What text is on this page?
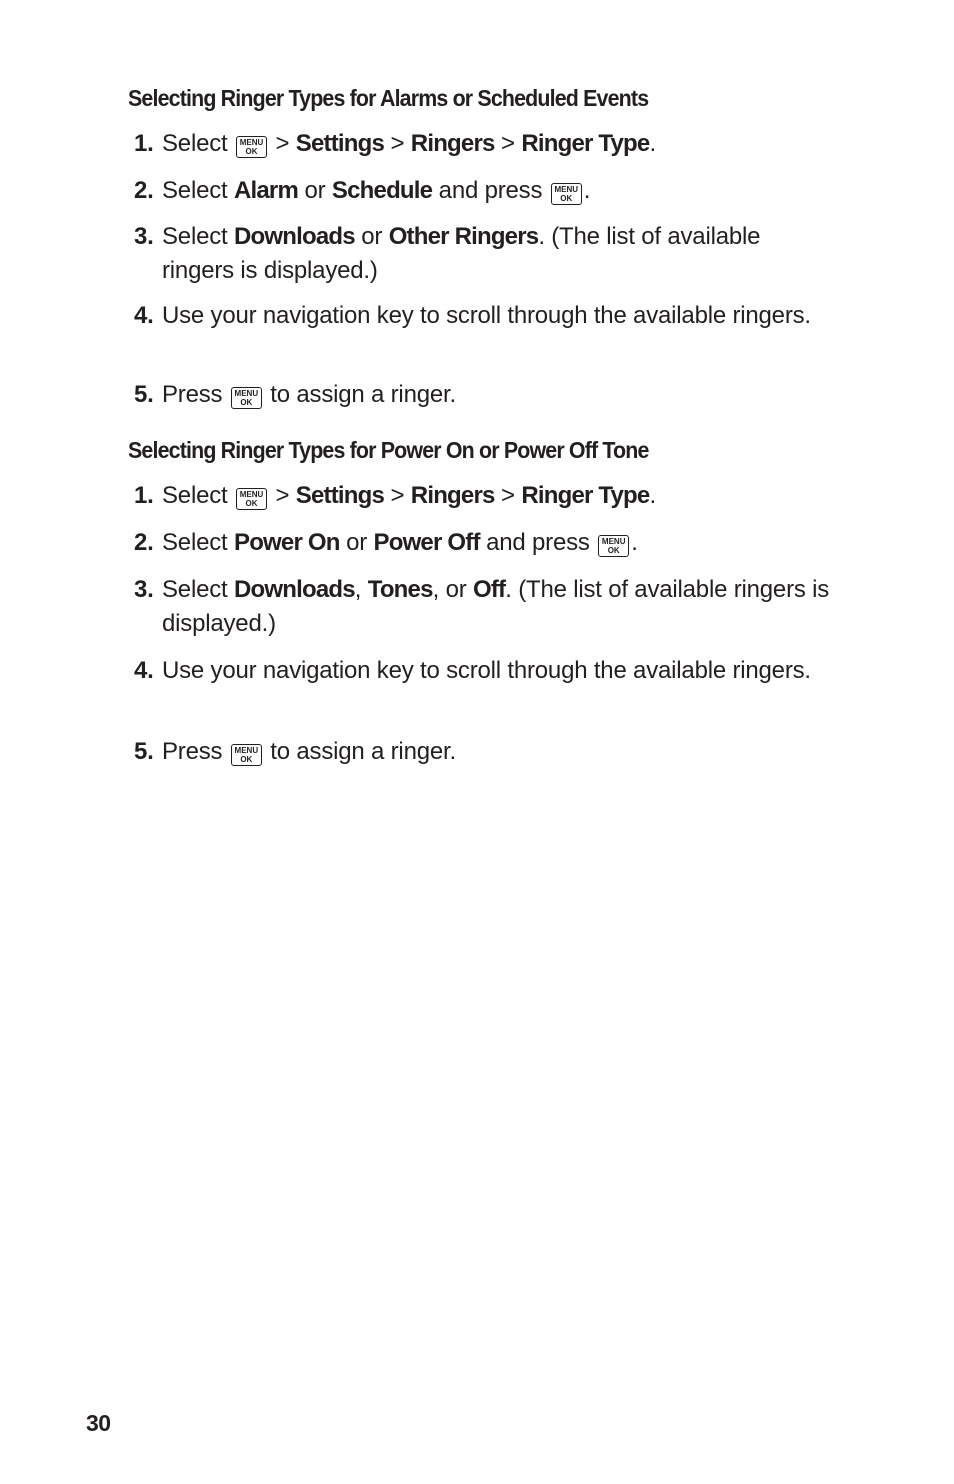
Selecting Ringer Types for Alarms or Scheduled Events
1. Select MENU
OK > Settings > Ringers > Ringer Type.
2. Select Alarm or Schedule and press MENU
OK .
3. Select Downloads or Other Ringers. (The list of available ringers is displayed.)
4. Use your navigation key to scroll through the available ringers.
5. Press MENU
OK to assign a ringer.
Selecting Ringer Types for Power On or Power Off Tone
1. Select MENU
OK > Settings > Ringers > Ringer Type.
2. Select Power On or Power Off and press MENU
OK .
3. Select Downloads, Tones, or Off. (The list of available ringers is displayed.)
4. Use your navigation key to scroll through the available ringers.
5. Press MENU
OK to assign a ringer.
30
